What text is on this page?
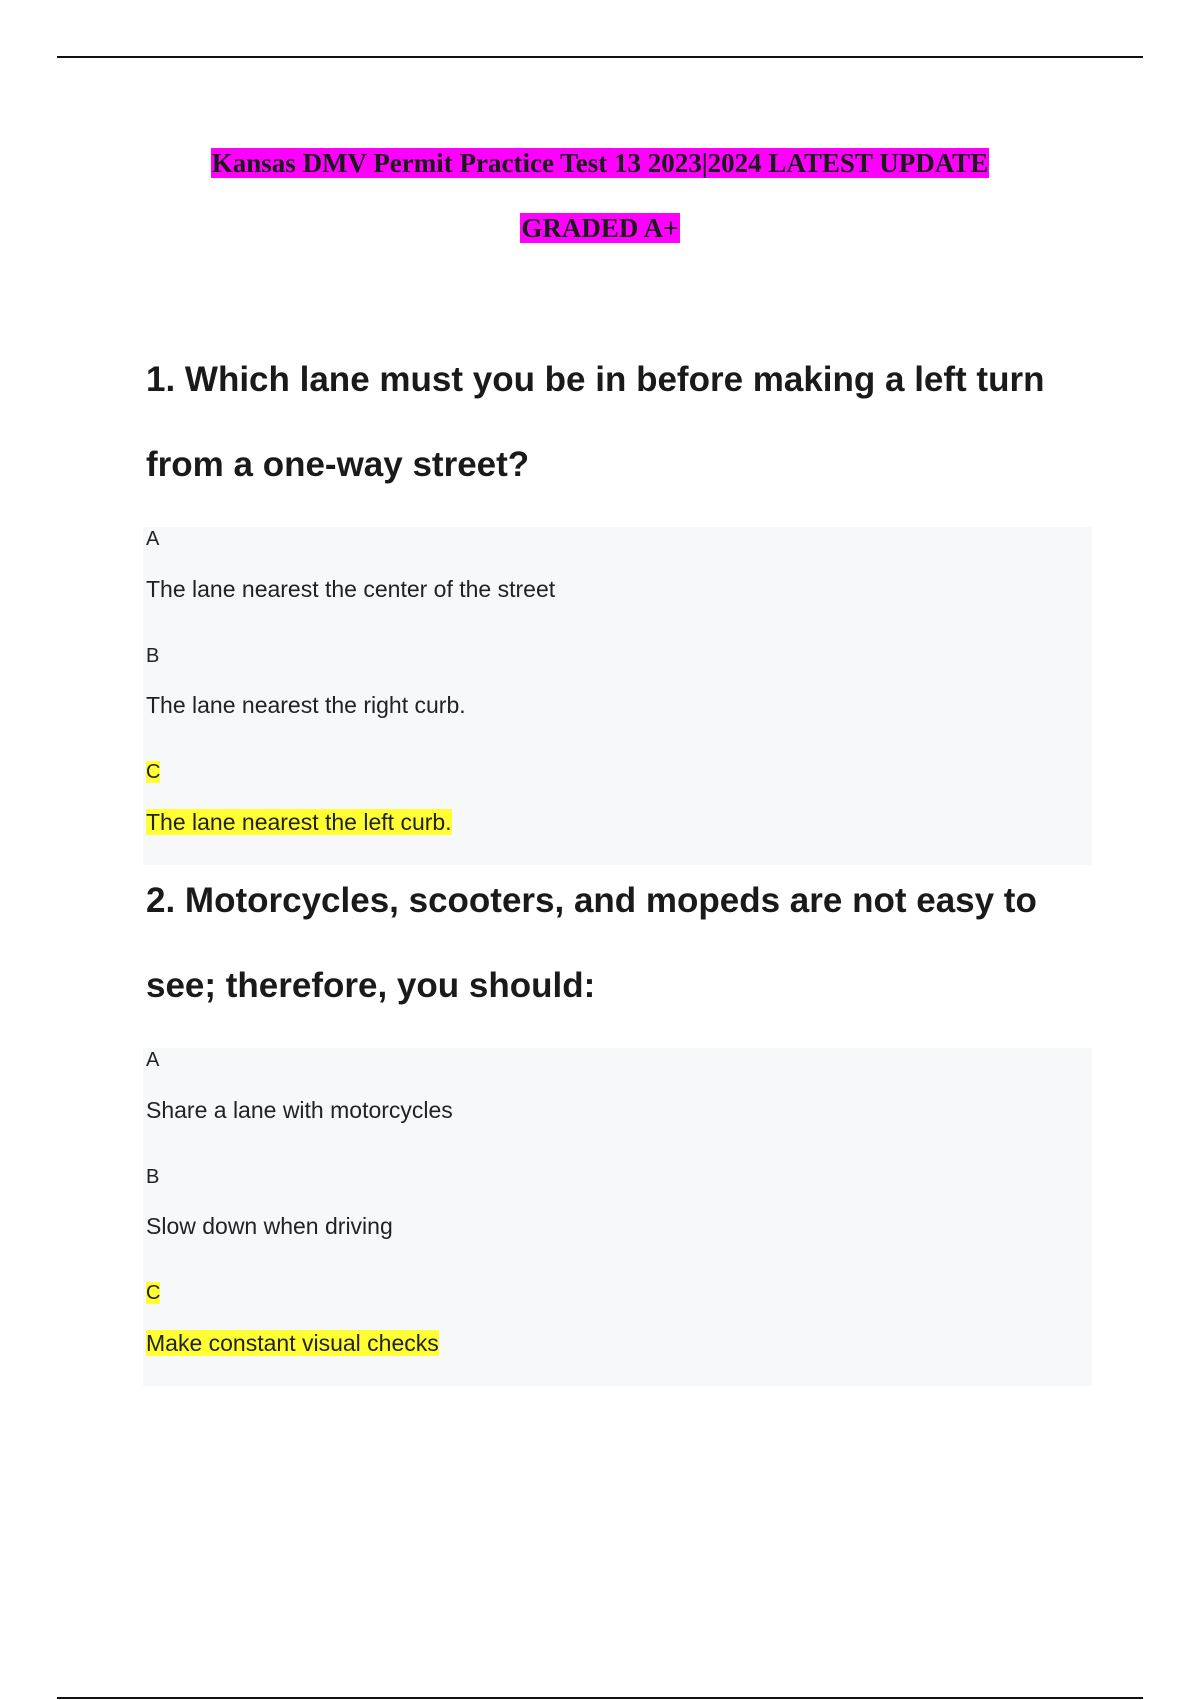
Kansas DMV Permit Practice Test 13 2023|2024 LATEST UPDATE
GRADED A+

1. Which lane must you be in before making a left turn

from a one-way street?

A
The lane nearest the center of the street
B
The lane nearest the right curb.
C
The lane nearest the left curb.

2. Motorcycles, scooters, and mopeds are not easy to

see; therefore, you should:

A
Share a lane with motorcycles
B
Slow down when driving
C
Make constant visual checks
